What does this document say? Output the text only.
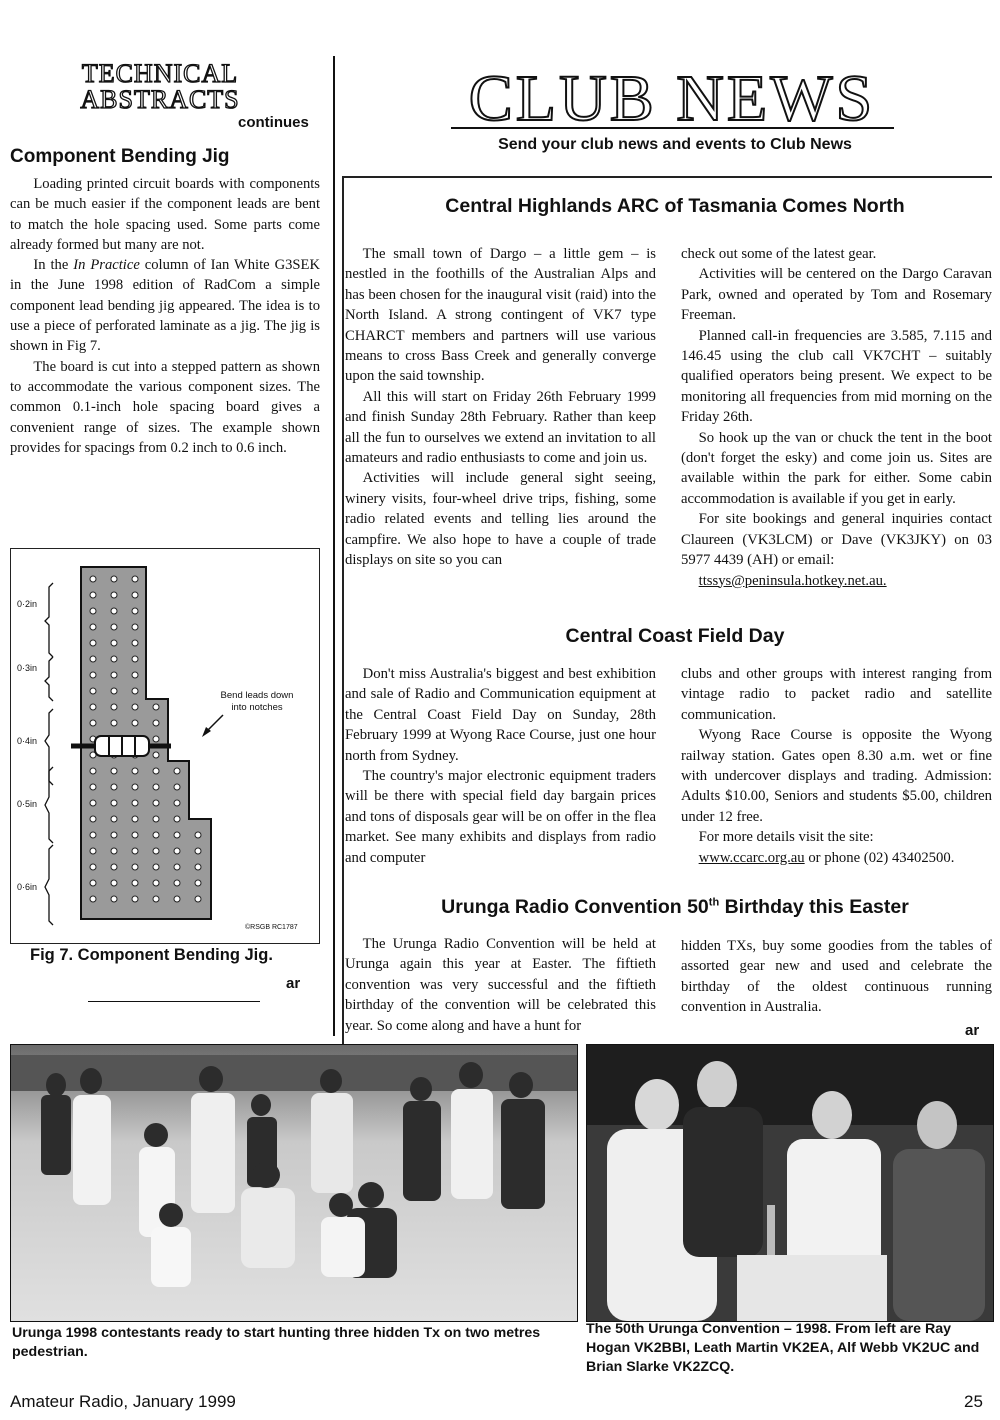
TECHNICAL
ABSTRACTS
continues
Component Bending Jig

Loading printed circuit boards with components can be much easier if the component leads are bent to match the hole spacing used. Some parts come already formed but many are not.

In the In Practice column of Ian White G3SEK in the June 1998 edition of RadCom a simple component lead bending jig appeared. The idea is to use a piece of perforated laminate as a jig. The jig is shown in Fig 7.

The board is cut into a stepped pattern as shown to accommodate the various component sizes. The common 0.1-inch hole spacing board gives a convenient range of sizes. The example shown provides for spacings from 0.2 inch to 0.6 inch.

0·2in
0·3in
0·4in
0·5in
0·6in
Bend leads down
into notches
©RSGB RC1787
Fig 7. Component Bending Jig.
ar
CLUB NEWS
Send your club news and events to Club News
Central Highlands ARC of Tasmania Comes North

The small town of Dargo – a little gem – is nestled in the foothills of the Australian Alps and has been chosen for the inaugural visit (raid) into the North Island. A strong contingent of VK7 type CHARCT members and partners will use various means to cross Bass Creek and generally converge upon the said township.

All this will start on Friday 26th February 1999 and finish Sunday 28th February. Rather than keep all the fun to ourselves we extend an invitation to all amateurs and radio enthusiasts to come and join us.

Activities will include general sight seeing, winery visits, four-wheel drive trips, fishing, some radio related events and telling lies around the campfire. We also hope to have a couple of trade displays on site so you can

check out some of the latest gear.

Activities will be centered on the Dargo Caravan Park, owned and operated by Tom and Rosemary Freeman.

Planned call-in frequencies are 3.585, 7.115 and 146.45 using the club call VK7CHT – suitably qualified operators being present. We expect to be monitoring all frequencies from mid morning on the Friday 26th.

So hook up the van or chuck the tent in the boot (don't forget the esky) and come join us. Sites are available within the park for either. Some cabin accommodation is available if you get in early.

For site bookings and general inquiries contact Claureen (VK3LCM) or Dave (VK3JKY) on 03 5977 4439 (AH) or email:

ttssys@peninsula.hotkey.net.au.

Central Coast Field Day

Don't miss Australia's biggest and best exhibition and sale of Radio and Communication equipment at the Central Coast Field Day on Sunday, 28th February 1999 at Wyong Race Course, just one hour north from Sydney.

The country's major electronic equipment traders will be there with special field day bargain prices and tons of disposals gear will be on offer in the flea market. See many exhibits and displays from radio and computer

clubs and other groups with interest ranging from vintage radio to packet radio and satellite communication.

Wyong Race Course is opposite the Wyong railway station. Gates open 8.30 a.m. wet or fine with undercover displays and trading. Admission: Adults $10.00, Seniors and students $5.00, children under 12 free.

For more details visit the site:

www.ccarc.org.au or phone (02) 43402500.

Urunga Radio Convention 50th Birthday this Easter

The Urunga Radio Convention will be held at Urunga again this year at Easter. The fiftieth convention was very successful and the fiftieth birthday of the convention will be celebrated this year. So come along and have a hunt for

hidden TXs, buy some goodies from the tables of assorted gear new and used and celebrate the birthday of the oldest continuous running convention in Australia.

ar
Urunga 1998 contestants ready to start hunting three hidden Tx on two metres pedestrian.
The 50th Urunga Convention – 1998. From left are Ray Hogan VK2BBI, Leath Martin VK2EA, Alf Webb VK2UC and Brian Slarke VK2ZCQ.
Amateur Radio, January 1999	25
